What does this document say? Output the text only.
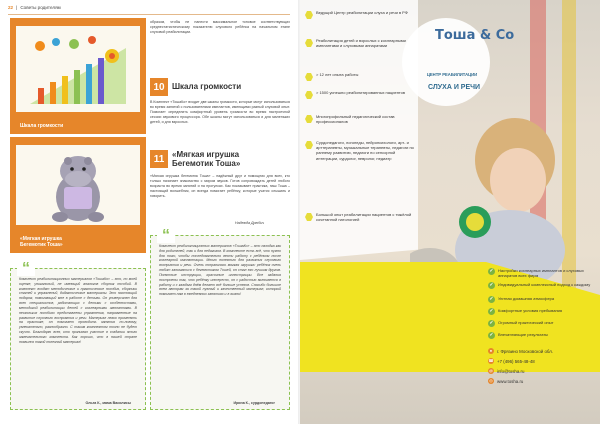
22 | Советы родителям
Шкала громкости
«Мягкая игрушка
Бегемотик Тоша»
образом, чтобы не нанести максимальное тоновое соответствующих среднестатистическому показателю слухового ребёнка на начальном этапе слуховой реабилитации.
10 Шкала громкости
В Комплект «ТошаКо» входит две шкалы громкости, которые могут использоваться во время занятий с пользователями имплантов, имеющими разный слуховой опыт. Помогает определить комфортный уровень громкости во время настроечной сессии звукового процессора. Обе шкалы могут использоваться и для маленьких детей, и для взрослых.
11 «Мягкая игрушка
Бегемотик Тоша»
«Мягкая игрушка бегемотик Тоша» – надёжный друг и помощник для всех, кто только начинает знакомство с миром звуков. Готов сопровождать детей любого возраста во время занятий и на прогулках. Как показывает практика, наш Тоша – настоящий волшебник, он всегда помогает ребёнку, которые учатся слышать и говорить.
Надежда Дрюбич
“
Комплект реабилитационных материалов «ТошаКо» – это, по моей оценке, уникальный, не имеющий аналогов сборник пособий. В комплект входят методические и практические пособия, сборники статей и упражнений, дидактические материалы. Это настоящий подарок, помогающий мне в работе с детьми. Он универсален для всех специалистов, работающих с детьми с особенностями, методикой реабилитации детей с кохлеарными имплантами. В нескольких пособиях представлены упражнения, направленные на развитие слухового восприятия и речи. Материал легко применять на практике, он помогает проводить занятия по-новому, увлекательно, разнообразно. С таким комплектом точно не будет скучно. Благодарю всех, кто принимал участие в создании этого замечательного комплекта. Как хорошо, что в нашей стране появился такой полезный материал!
Ольга К., мама Василисы
“
Комплект реабилитационных материалов «ТошаКо» – это находка как для родителей, так и для педагогов. В комплекте есть всё, что нужно для того, чтобы последовательно вести работу с ребёнком после кохлеарной имплантации. Много полезного для развития слухового восприятия и речи. Очень понравилась мягкая игрушка: ребёнок очень любит заниматься с бегемотиком Тошей, он стал его лучшим другом. Понятные инструкции, красочные иллюстрации. Все задания построены так, что ребёнку интересно, он с радостью включается в работу и с каждым днём делает всё больше успехов. Спасибо большое всем авторам за такой нужный и качественный материал, который помогает нам в ежедневных занятиях и в жизни!
Ирина К., сурдопедагог
Ведущий Центр реабилитации слуха и речи в РФ
Реабилитация детей и взрослых с кохлеарными имплантами и слуховыми аппаратами
> 12 лет опыта работы
> 1500 успешно реабилитированных пациентов
Многопрофильный педагогический состав профессионалов
Сурдопедагоги, логопеды, нейропсихологи, арт- и арттерапевты, музыкальные терапевты, педагоги по раннему развитию, педагоги по сенсорной интеграции, сурдолог, невролог, педиатр
Большой опыт реабилитации пациентов с тяжёлой сочетанной патологией
Тоша & Co
ЦЕНТР РЕАБИЛИТАЦИИ
СЛУХА И РЕЧИ
✓	Настройки кохлеарных имплантов и слуховых аппаратов всех фирм
✓	Индивидуальный комплексный подход к каждому
✓	Уютная домашняя атмосфера
✓	Комфортные условия пребывания
✓	Огромный практический опыт
✓	Впечатляющие результаты
●	г. Фрязино Московской обл.
☎ +7 (496) 565-48-48
@ info@tosha.ru
◎ www.tosha.ru
